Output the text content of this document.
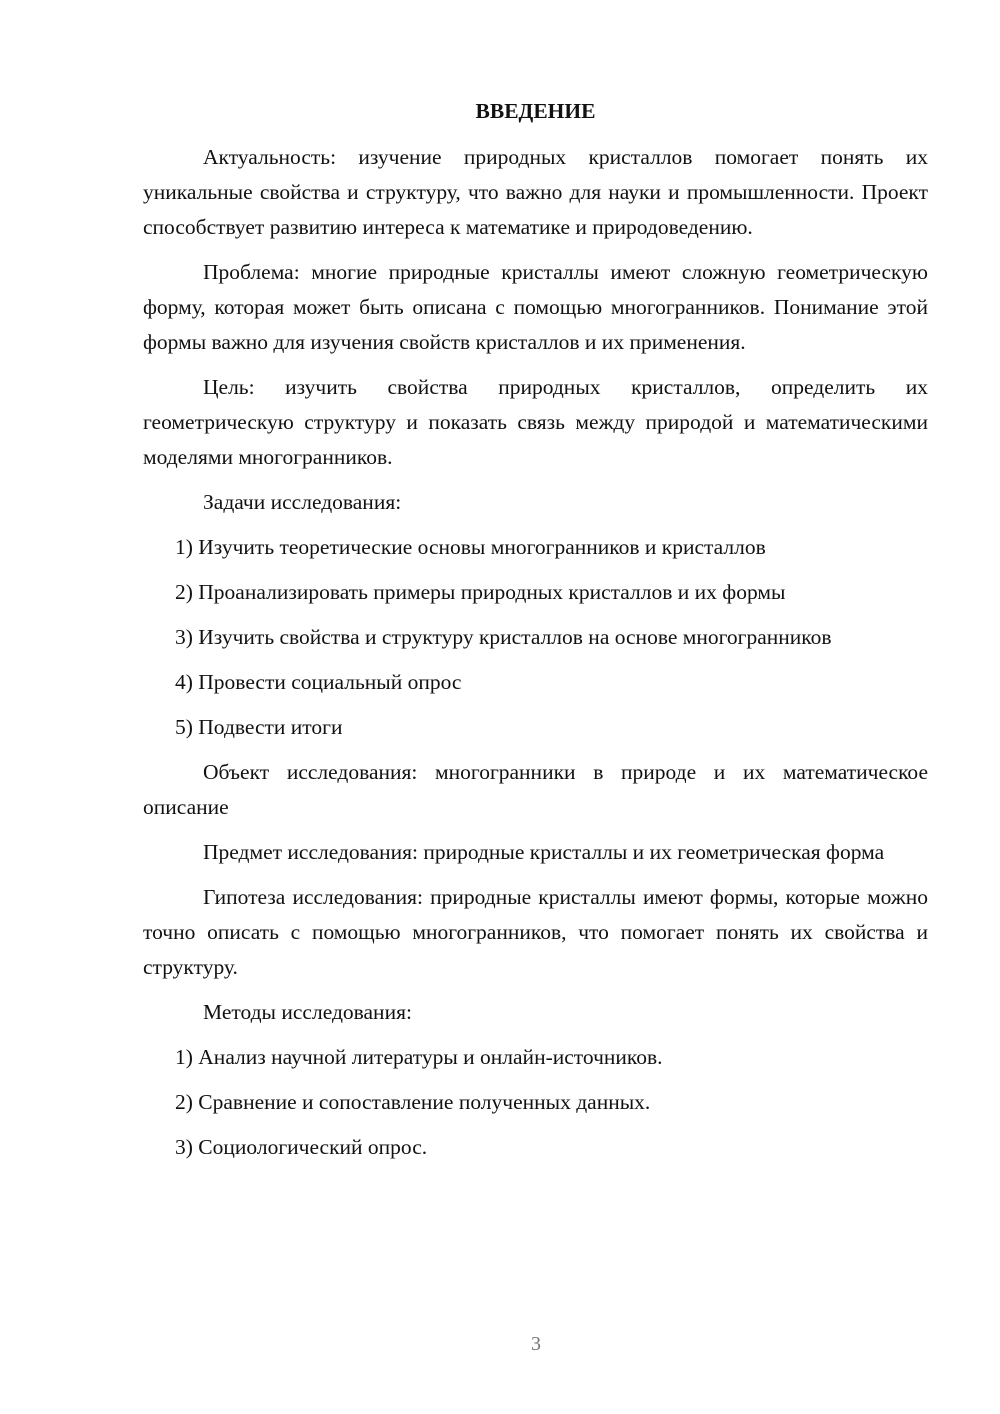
ВВЕДЕНИЕ

Актуальность: изучение природных кристаллов помогает понять их уникальные свойства и структуру, что важно для науки и промышленности. Проект способствует развитию интереса к математике и природоведению.

Проблема: многие природные кристаллы имеют сложную геометрическую форму, которая может быть описана с помощью многогранников. Понимание этой формы важно для изучения свойств кристаллов и их применения.

Цель: изучить свойства природных кристаллов, определить их геометрическую структуру и показать связь между природой и математическими моделями многогранников.

Задачи исследования:

1) Изучить теоретические основы многогранников и кристаллов

2) Проанализировать примеры природных кристаллов и их формы

3) Изучить свойства и структуру кристаллов на основе многогранников

4) Провести социальный опрос

5) Подвести итоги

Объект исследования: многогранники в природе и их математическое описание

Предмет исследования: природные кристаллы и их геометрическая форма

Гипотеза исследования: природные кристаллы имеют формы, которые можно точно описать с помощью многогранников, что помогает понять их свойства и структуру.

Методы исследования:

1) Анализ научной литературы и онлайн-источников.

2) Сравнение и сопоставление полученных данных.

3) Социологический опрос.

3
